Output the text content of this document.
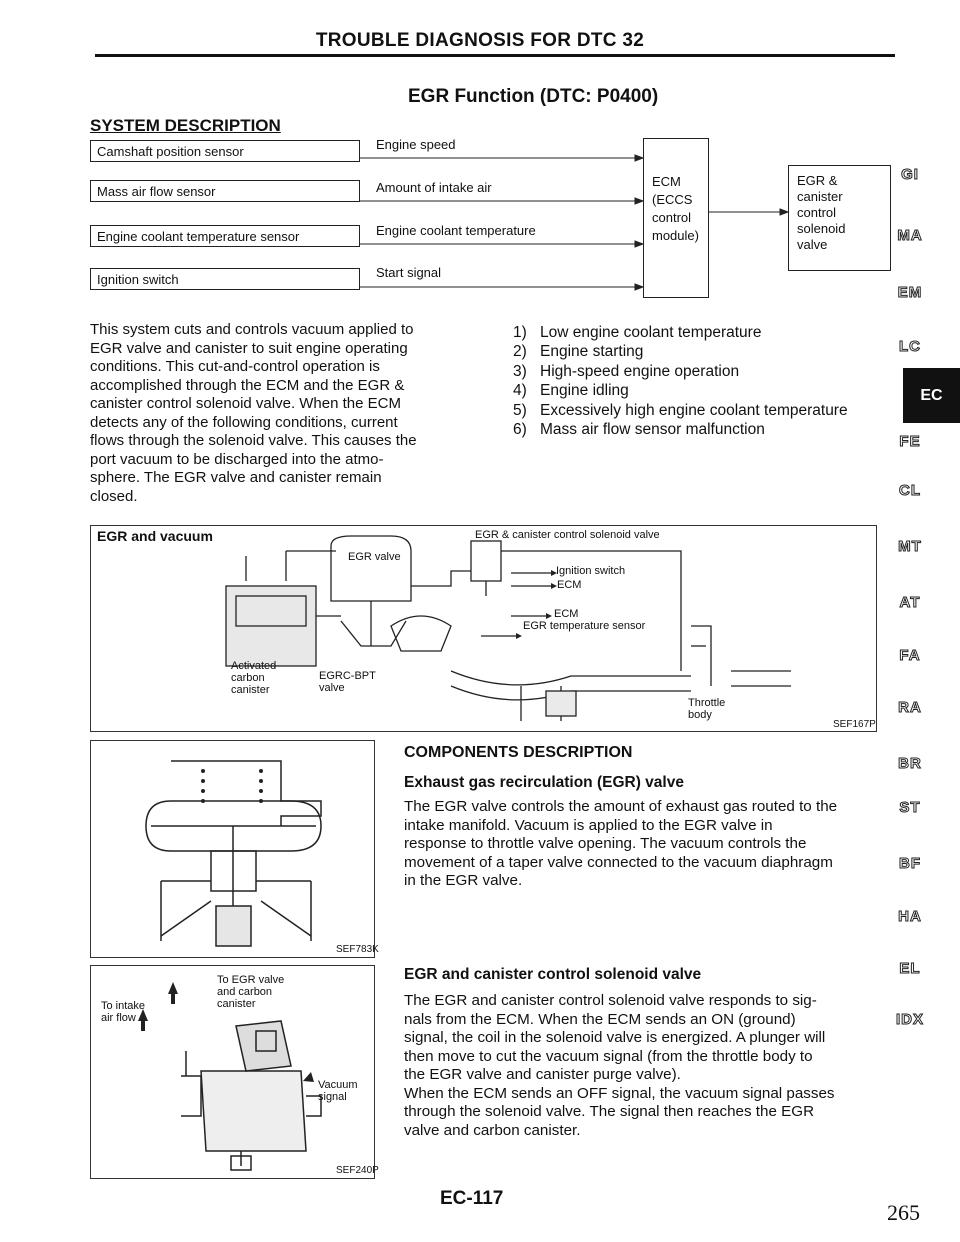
TROUBLE DIAGNOSIS FOR DTC 32
EGR Function (DTC: P0400)
SYSTEM DESCRIPTION
Camshaft position sensor
Mass air flow sensor
Engine coolant temperature sensor
Ignition switch
Engine speed
Amount of intake air
Engine coolant temperature
Start signal
ECM
(ECCS
control
module)
EGR &
canister
control
solenoid
valve
This system cuts and controls vacuum applied to
EGR valve and canister to suit engine operating
conditions. This cut-and-control operation is
accomplished through the ECM and the EGR &
canister control solenoid valve. When the ECM
detects any of the following conditions, current
flows through the solenoid valve. This causes the
port vacuum to be discharged into the atmo-
sphere. The EGR valve and canister remain
closed.
1) Low engine coolant temperature
2) Engine starting
3) High-speed engine operation
4) Engine idling
5) Excessively high engine coolant temperature
6) Mass air flow sensor malfunction
GI
MA
EM
LC
EC
FE
CL
MT
AT
FA
RA
BR
ST
BF
HA
EL
IDX
EGR and vacuum	EGR & canister control solenoid valve
EGR valve
Ignition switch
ECM
ECM
EGR temperature sensor
Activated
carbon
canister
EGRC-BPT
valve
Throttle
body
SEF167P
SEF783K
COMPONENTS DESCRIPTION
Exhaust gas recirculation (EGR) valve
The EGR valve controls the amount of exhaust gas routed to the
intake manifold. Vacuum is applied to the EGR valve in
response to throttle valve opening. The vacuum controls the
movement of a taper valve connected to the vacuum diaphragm
in the EGR valve.
To EGR valve
and carbon
canister
To intake
air flow
Vacuum
signal
SEF240P
EGR and canister control solenoid valve
The EGR and canister control solenoid valve responds to sig-
nals from the ECM. When the ECM sends an ON (ground)
signal, the coil in the solenoid valve is energized. A plunger will
then move to cut the vacuum signal (from the throttle body to
the EGR valve and canister purge valve).
When the ECM sends an OFF signal, the vacuum signal passes
through the solenoid valve. The signal then reaches the EGR
valve and carbon canister.
EC-117
265
